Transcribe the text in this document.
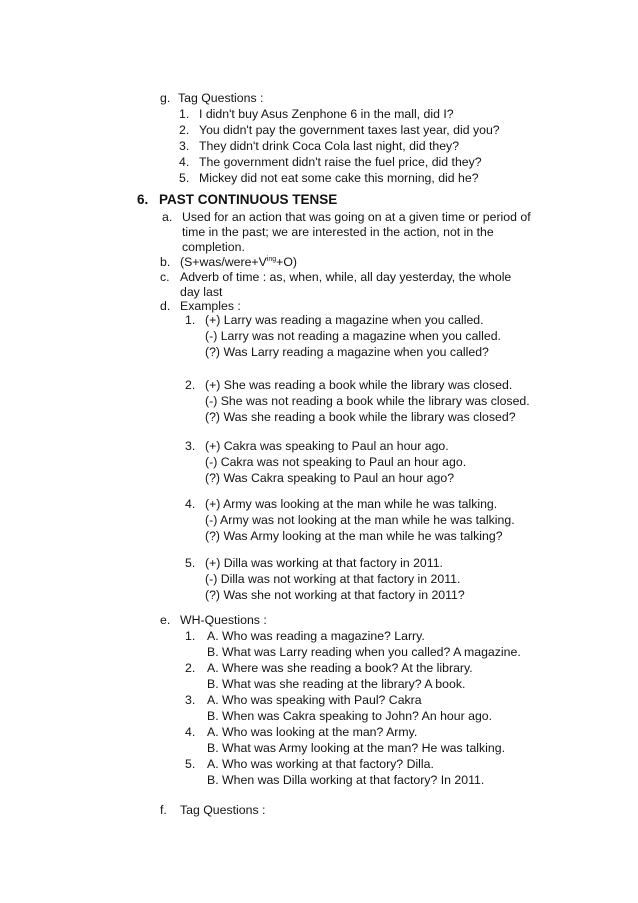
g. Tag Questions :
1. I didn't buy Asus Zenphone 6 in the mall, did I?
2. You didn't pay the government taxes last year, did you?
3. They didn't drink Coca Cola last night, did they?
4. The government didn't raise the fuel price, did they?
5. Mickey did not eat some cake this morning, did he?
6. PAST CONTINUOUS TENSE
a. Used for an action that was going on at a given time or period of
time in the past; we are interested in the action, not in the
completion.
b. $(S+was/were+V^{ing}+O)$
c. Adverb of time : as, when, while, all day yesterday, the whole
day last
d. Examples :
1. (+) Larry was reading a magazine when you called.
(-) Larry was not reading a magazine when you called.
(?) Was Larry reading a magazine when you called?
2. (+) She was reading a book while the library was closed.
(-) She was not reading a book while the library was closed.
(?) Was she reading a book while the library was closed?
3. (+) Cakra was speaking to Paul an hour ago.
(-) Cakra was not speaking to Paul an hour ago.
(?) Was Cakra speaking to Paul an hour ago?
4. (+) Army was looking at the man while he was talking.
(-) Army was not looking at the man while he was talking.
(?) Was Army looking at the man while he was talking?
5. (+) Dilla was working at that factory in 2011.
(-) Dilla was not working at that factory in 2011.
(?) Was she not working at that factory in 2011?
e. WH-Questions :
1. A. Who was reading a magazine? Larry.
B. What was Larry reading when you called? A magazine.
2. A. Where was she reading a book? At the library.
B. What was she reading at the library? A book.
3. A. Who was speaking with Paul? Cakra
B. When was Cakra speaking to John? An hour ago.
4. A. Who was looking at the man? Army.
B. What was Army looking at the man? He was talking.
5. A. Who was working at that factory? Dilla.
B. When was Dilla working at that factory? In 2011.
f. Tag Questions :
